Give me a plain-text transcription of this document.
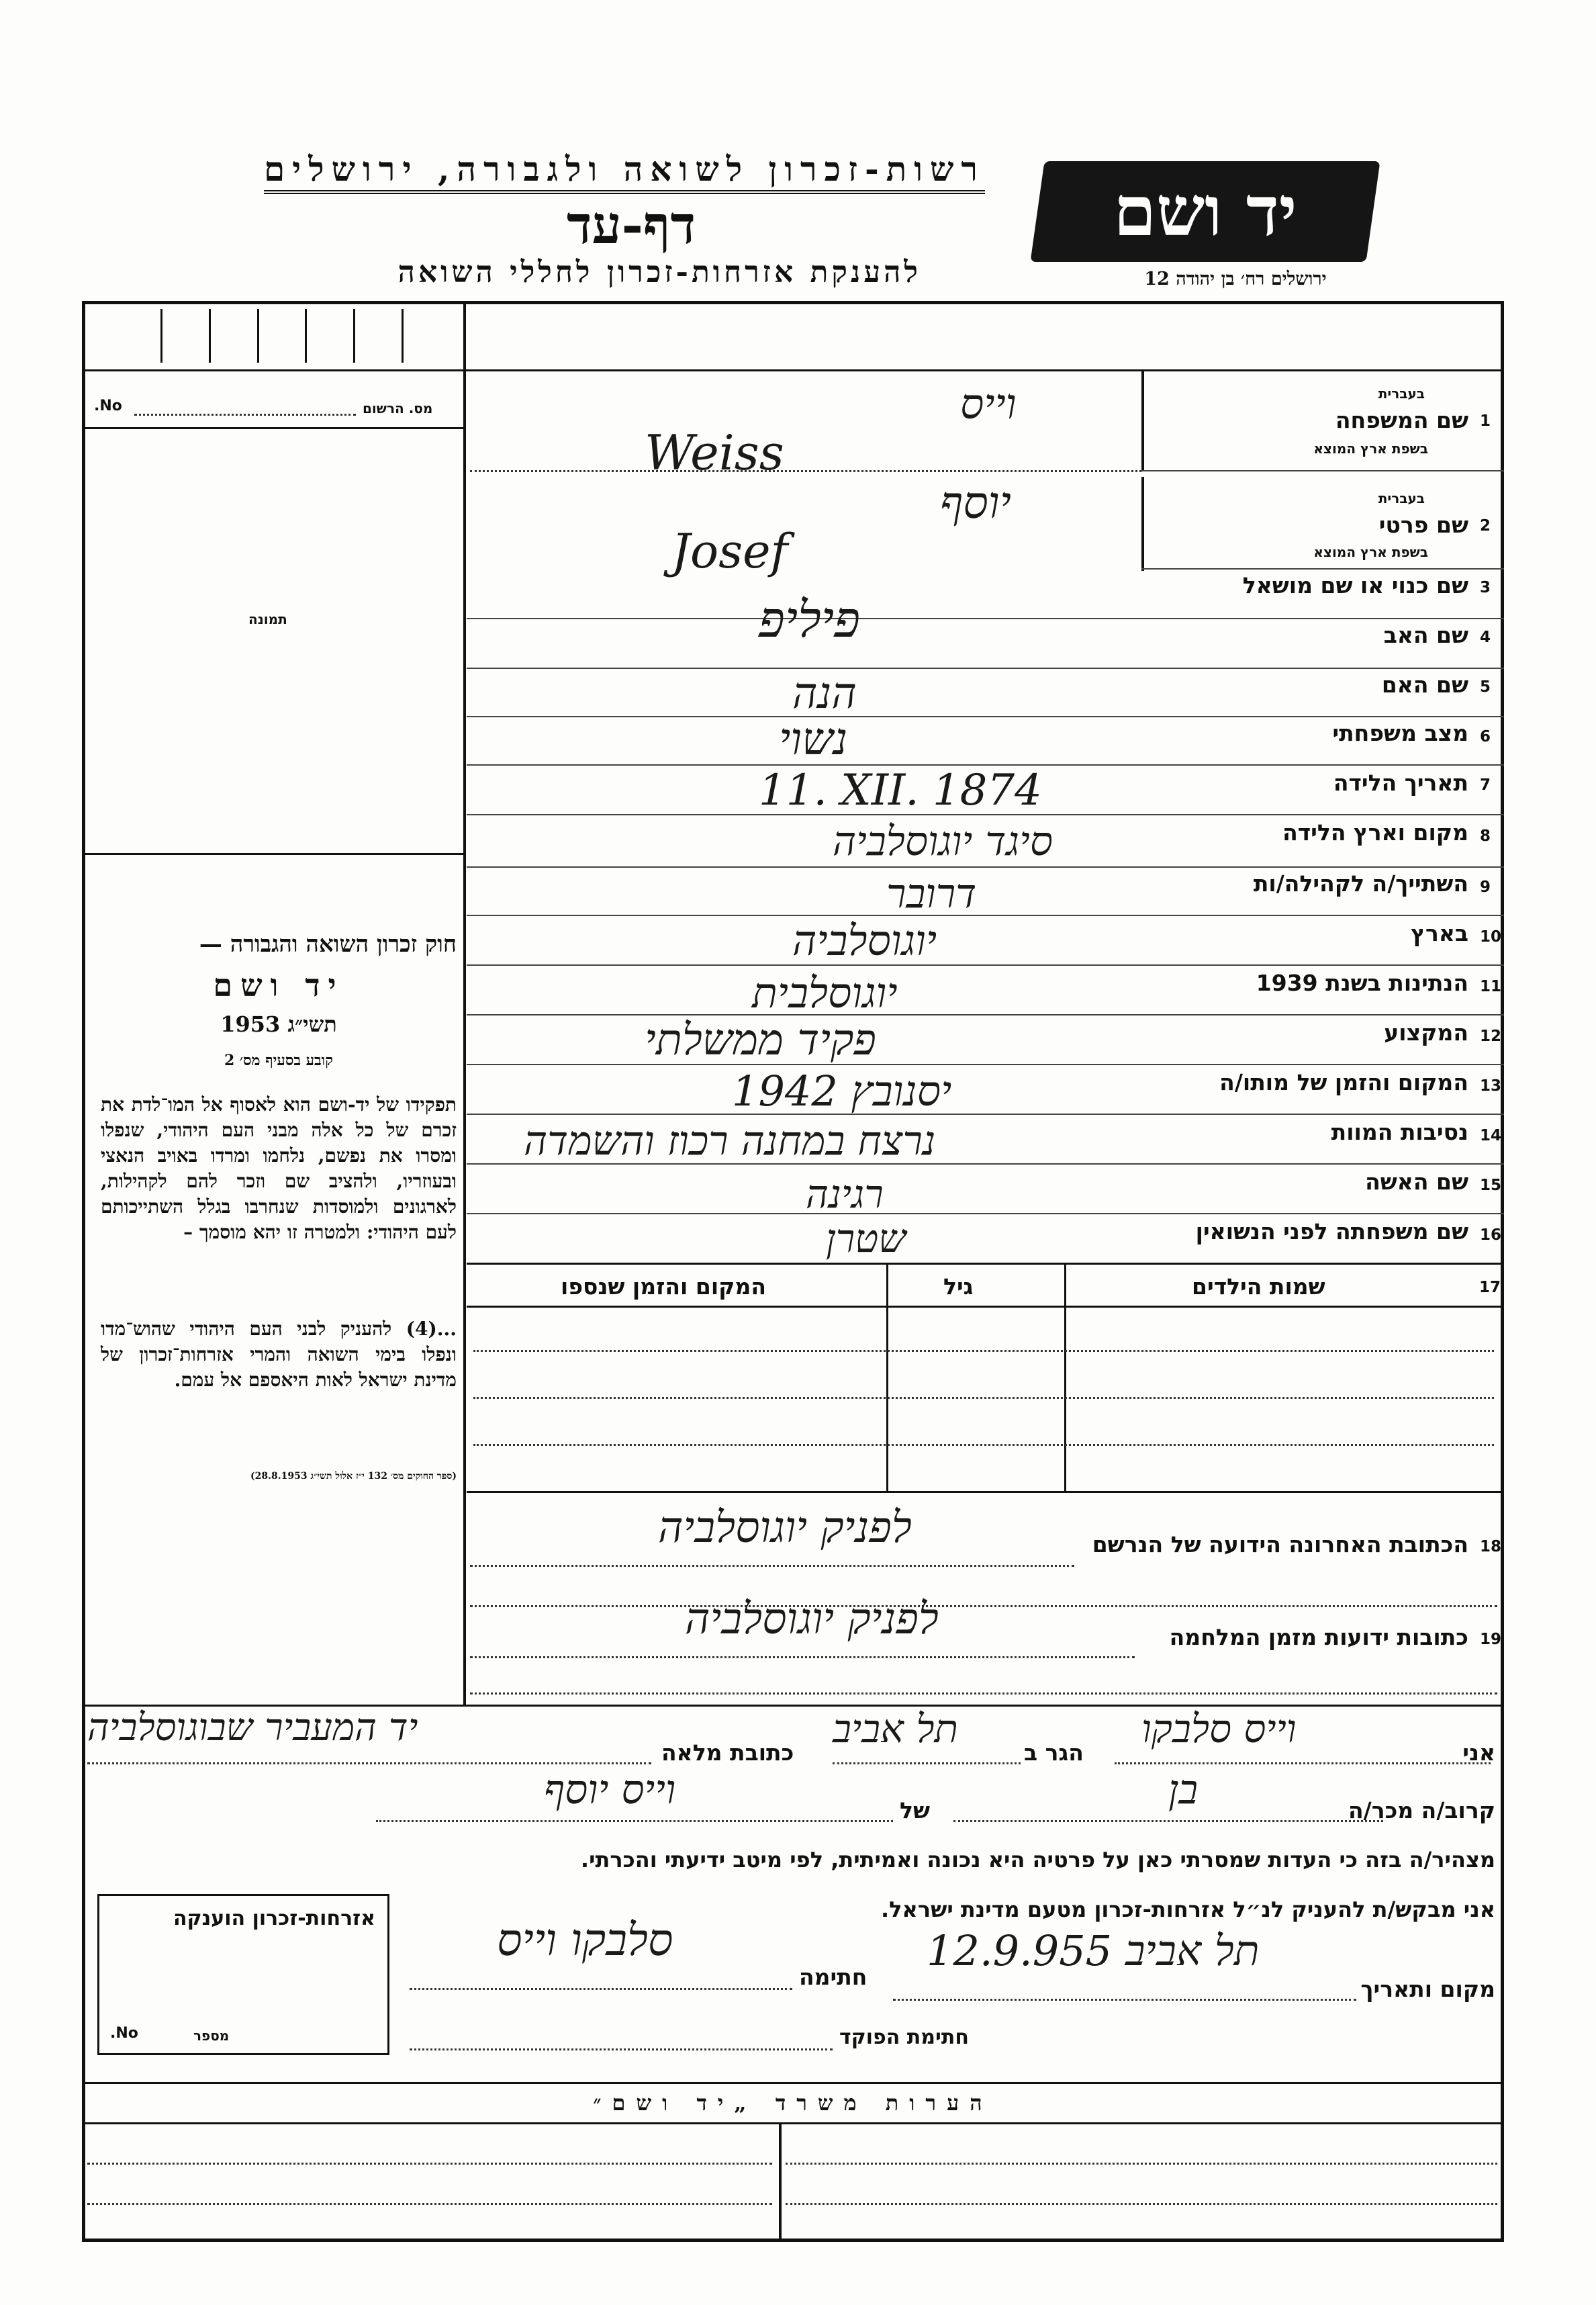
רשות-זכרון לשואה ולגבורה, ירושלים
דף-עד
להענקת אזרחות-זכרון לחללי השואה
יד ושם
ירושלים רח׳ בן יהודה 12
No.	מס. הרשום
תמונה
חוק זכרון השואה והגבורה —
יד ושם
תשי״ג 1953
קובע בסעיף מס׳ 2
תפקידו של יד-ושם הוא לאסוף אל המו־לדת את זכרם של כל אלה מבני העם היהודי, שנפלו ומסרו את נפשם, נלחמו ומרדו באויב הנאצי ובעוזריו, ולהציב שם וזכר להם לקהילות, לארגונים ולמוסדות שנחרבו בגלל השתייכותם לעם היהודי: ולמטרה זו יהא מוסמך –
...(4) להעניק לבני העם היהודי שהוש־מדו ונפלו בימי השואה והמרי אזרחות־זכרון של מדינת ישראל לאות היאספם אל עמם.
(ספר החוקים מס׳ 132 י״ז אלול תשי״ג 28.8.1953)
1
שם המשפחה
בעברית
בשפת ארץ המוצא
וייס
Weiss
2
שם פרטי
בעברית
בשפת ארץ המוצא
יוסף
Josef
3
שם כנוי או שם מושאל
4
שם האב
פיליפ
5
שם האם
הנה
6
מצב משפחתי
נשוי
7
תאריך הלידה
11. XII. 1874
8
מקום וארץ הלידה
סיגד יוגוסלביה
9
השתייך/ה לקהילה/ות
דרובר
10
בארץ
יוגוסלביה
11
הנתינות בשנת 1939
יוגוסלבית
12
המקצוע
פקיד ממשלתי
13
המקום והזמן של מותו/ה
יסנובץ 1942
14
נסיבות המוות
נרצח במחנה רכוז והשמדה
15
שם האשה
רגינה
16
שם משפחתה לפני הנשואין
שטרן
17
שמות הילדים
גיל
המקום והזמן שנספו
18
הכתובת האחרונה הידועה של הנרשם
לפניק יוגוסלביה
19
כתובות ידועות מזמן המלחמה
לפניק יוגוסלביה
אני
וייס סלבקו
הגר ב
תל אביב
כתובת מלאה
יד המעביר שבוגוסלביה
קרוב/ה מכר/ה
בן
של
וייס יוסף
מצהיר/ה בזה כי העדות שמסרתי כאן על פרטיה היא נכונה ואמיתית, לפי מיטב ידיעתי והכרתי.
אני מבקש/ת להעניק לנ״ל אזרחות-זכרון מטעם מדינת ישראל.
מקום ותאריך
תל אביב 12.9.955
חתימה
סלבקו וייס
חתימת הפוקד
אזרחות-זכרון הוענקה
מספר
No.
הערות משרד „יד ושם״
